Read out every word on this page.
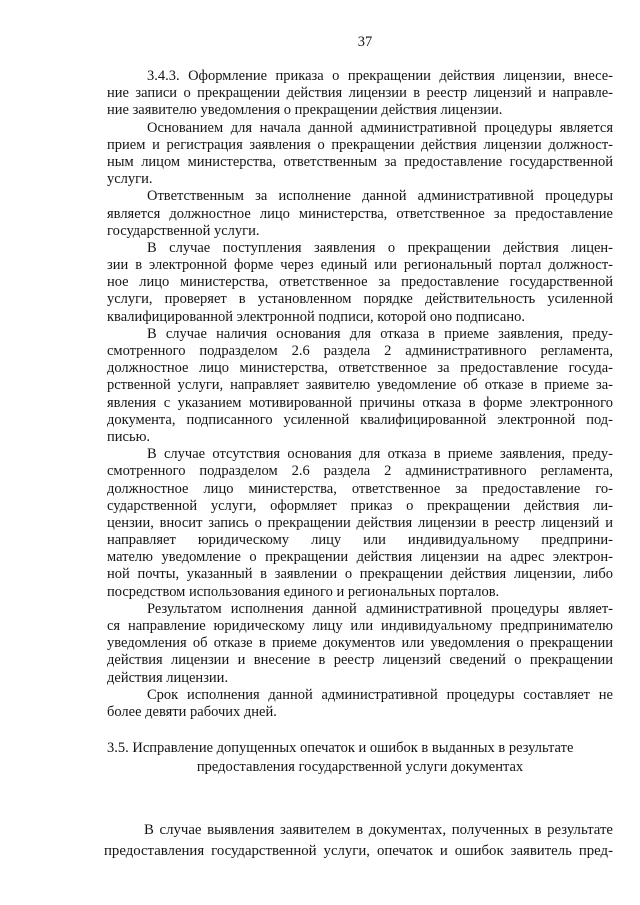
37
3.4.3. Оформление приказа о прекращении действия лицензии, внесе-
ние записи о прекращении действия лицензии в реестр лицензий и направле-
ние заявителю уведомления о прекращении действия лицензии.
Основанием для начала данной административной процедуры является
прием и регистрация заявления о прекращении действия лицензии должност-
ным лицом министерства, ответственным за предоставление государственной
услуги.
Ответственным за исполнение данной административной процедуры
является должностное лицо министерства, ответственное за предоставление
государственной услуги.
В случае поступления заявления о прекращении действия лицен-
зии в электронной форме через единый или региональный портал должност-
ное лицо министерства, ответственное за предоставление государственной
услуги, проверяет в установленном порядке действительность усиленной
квалифицированной электронной подписи, которой оно подписано.
В случае наличия основания для отказа в приеме заявления, преду-
смотренного подразделом 2.6 раздела 2 административного регламента,
должностное лицо министерства, ответственное за предоставление госуда-
рственной услуги, направляет заявителю уведомление об отказе в приеме за-
явления с указанием мотивированной причины отказа в форме электронного
документа, подписанного усиленной квалифицированной электронной под-
писью.
В случае отсутствия основания для отказа в приеме заявления, преду-
смотренного подразделом 2.6 раздела 2 административного регламента,
должностное лицо министерства, ответственное за предоставление го-
сударственной услуги, оформляет приказ о прекращении действия ли-
цензии, вносит запись о прекращении действия лицензии в реестр лицензий и
направляет юридическому лицу или индивидуальному предприни-
мателю уведомление о прекращении действия лицензии на адрес электрон-
ной почты, указанный в заявлении о прекращении действия лицензии, либо
посредством использования единого и региональных порталов.
Результатом исполнения данной административной процедуры являет-
ся направление юридическому лицу или индивидуальному предпринимателю
уведомления об отказе в приеме документов или уведомления о прекращении
действия лицензии и внесение в реестр лицензий сведений о прекращении
действия лицензии.
Срок исполнения данной административной процедуры составляет не
более девяти рабочих дней.
3.5. Исправление допущенных опечаток и ошибок в выданных в результате
предоставления государственной услуги документах
В случае выявления заявителем в документах, полученных в результате
предоставления государственной услуги, опечаток и ошибок заявитель пред-
